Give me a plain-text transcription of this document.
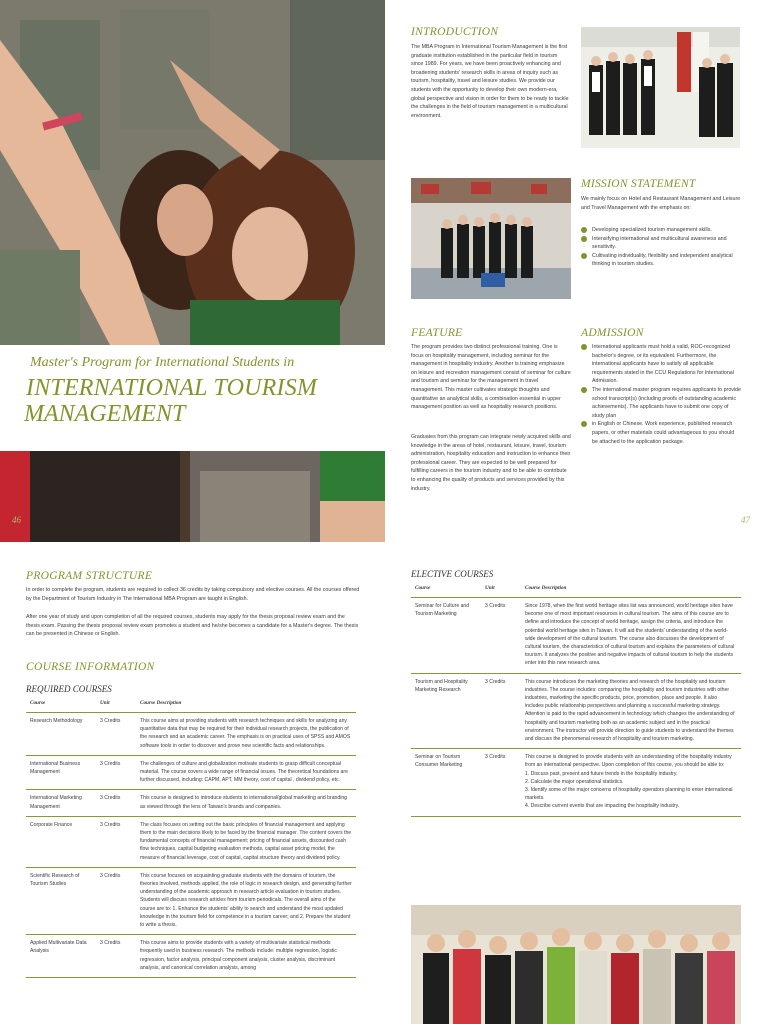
Master's Program for International Students in
INTERNATIONAL TOURISM
MANAGEMENT
46
INTRODUCTION
The MBA Program in International Tourism Management is the first graduate institution established in the particular field in tourism since 1989. For years, we have been proactively enhancing and broadening students' research skills in areas of inquiry such as tourism, hospitality, travel and leisure studies. We provide our students with the opportunity to develop their own modern-era, global perspective and vision in order for them to be ready to tackle the challenges in the field of tourism management in a multicultural environment.
MISSION STATEMENT
We mainly focus on Hotel and Restaurant Management and Leisure and Travel Management with the emphasis on:
Developing specialized tourism management skills.
Intensifying international and multicultural awareness and sensitivity.
Cultivating individuality, flexibility and independent analytical thinking in tourism studies.
FEATURE
The program provides two distinct professional training. One is focus on hospitality management, including seminar for the management in hospitality industry. Another is training emphasize on leisure and recreation management consist of seminar for culture and tourism and seminar for the management in travel management. This master cultivates strategic thoughts and quantitative an analytical skills, a combination essential in upper management position as well as hospitality research positions.
Graduates from this program can integrate newly acquired skills and knowledge in the areas of hotel, restaurant, leisure, travel, tourism administration, hospitality education and instruction to enhance their professional career. They are expected to be well prepared for fulfilling careers in the tourism industry and to be able to contribute to enhancing the quality of products and services provided by this industry.
ADMISSION
International applicants must hold a valid, ROC-recognized bachelor's degree, or its equivalent. Furthermore, the international applicants have to satisfy all applicable requirements stated in the CCU Regulations for International Admission.
The international master program requires applicants to provide school transcript(s) (including proofs of outstanding academic achievements). The applicants have to submit one copy of study plan
in English or Chinese. Work experience, published research papers, or other materials could advantageous to you should be attached to the application package.
47
PROGRAM STRUCTURE
In order to complete the program, students are required to collect 36 credits by taking compulsory and elective courses. All the courses offered by the Department of Tourism Industry in The International MBA Program are taught in English.
After one year of study and upon completion of all the required courses, students may apply for the thesis proposal review exam and the thesis exam. Passing the thesis proposal review exam promotes a student and he/she becomes a candidate for a Master's degree. The thesis can be presented in Chinese or English.
COURSE INFORMATION
REQUIRED COURSES
Course	Unit	Course Description
Research Methodology	3 Credits	This course aims at providing students with research techniques and skills for analyzing any quantitative data that may be required for their individual research projects, the publication of the research and an academic career. The emphasis is on practical uses of SPSS and AMOS software tools in order to discover and prove new scientific facts and relationships.
International Business Management	3 Credits	The challenges of culture and globalization motivate students to grasp difficult conceptual material. The course covers a wide range of financial issues. The theoretical foundations are further discussed, including: CAPM, APT, MM theory, cost of capital , dividend policy, etc.
International Marketing Management	3 Credits	This course is designed to introduce students to international/global marketing and branding as viewed through the lens of Taiwan's brands and companies.
Corporate Finance	3 Credits	The class focuses on setting out the basic principles of financial management and applying them to the main decisions likely to be faced by the financial manager. The content covers the fundamental concepts of financial management; pricing of financial assets, discounted cash flow techniques, capital budgeting evaluation methods, capital asset pricing model, the measure of financial leverage, cost of capital, capital structure theory and dividend policy.
Scientific Research of Tourism Studies	3 Credits	This course focuses on acquainting graduate students with the domains of tourism, the theories involved, methods applied, the role of logic in research design, and generating further understanding of the academic approach in research article evaluation in tourism studies. Students will discuss research articles from tourism periodicals. The overall aims of the course are to: 1. Enhance the students' ability to search and understand the most updated knowledge in the tourism field for competence in a tourism career; and 2. Prepare the student to write a thesis.
Applied Multivariate Data Analysis	3 Credits	This course aims to provide students with a variety of multivariate statistical methods frequently used in business research. The methods include: multiple regression, logistic regression, factor analysis, principal component analysis, cluster analysis, discriminant analysis, and canonical correlation analysis, among
ELECTIVE COURSES
Course	Unit	Course Description
Seminar for Culture and Tourism Marketing	3 Credits	Since 1978, when the first world heritage sites list was announced, world heritage sites have become one of most important resources in cultural tourism. The aims of this course are to define and introduce the concept of world heritage, assign the criteria, and introduce the potential world heritage sites in Taiwan. It will aid the students' understanding of the world-wide development of the cultural tourism. The course also discusses the development of cultural tourism, the characteristics of cultural tourism and explains the parameters of cultural tourism. It analyzes the positive and negative impacts of cultural tourism to help the students enter into this new research area.
Tourism and Hospitality Marketing Research	3 Credits	This course introduces the marketing theories and research of the hospitality and tourism industries. The course includes: comparing the hospitality and tourism industries with other industries, marketing the specific products, price, promotion, place and people. It also includes public relationship perspectives and planning a successful marketing strategy. Attention is paid to the rapid advancement in technology which changes the understanding of hospitality and tourism marketing both as an academic subject and in the practical environment. The instructor will provide direction to guide students to understand the themes and discuss the phenomenal research of hospitality and tourism marketing.
Seminar on Tourism Consumer Marketing	3 Credits	This course is designed to provide students with an understanding of the hospitality industry from an international perspective. Upon completion of this course, you should be able to:
1. Discuss past, present and future trends in the hospitality industry.
2. Calculate the major operational statistics.
3. Identify some of the major concerns of hospitality operators planning to enter international markets.
4. Describe current events that are impacting the hospitality industry.
